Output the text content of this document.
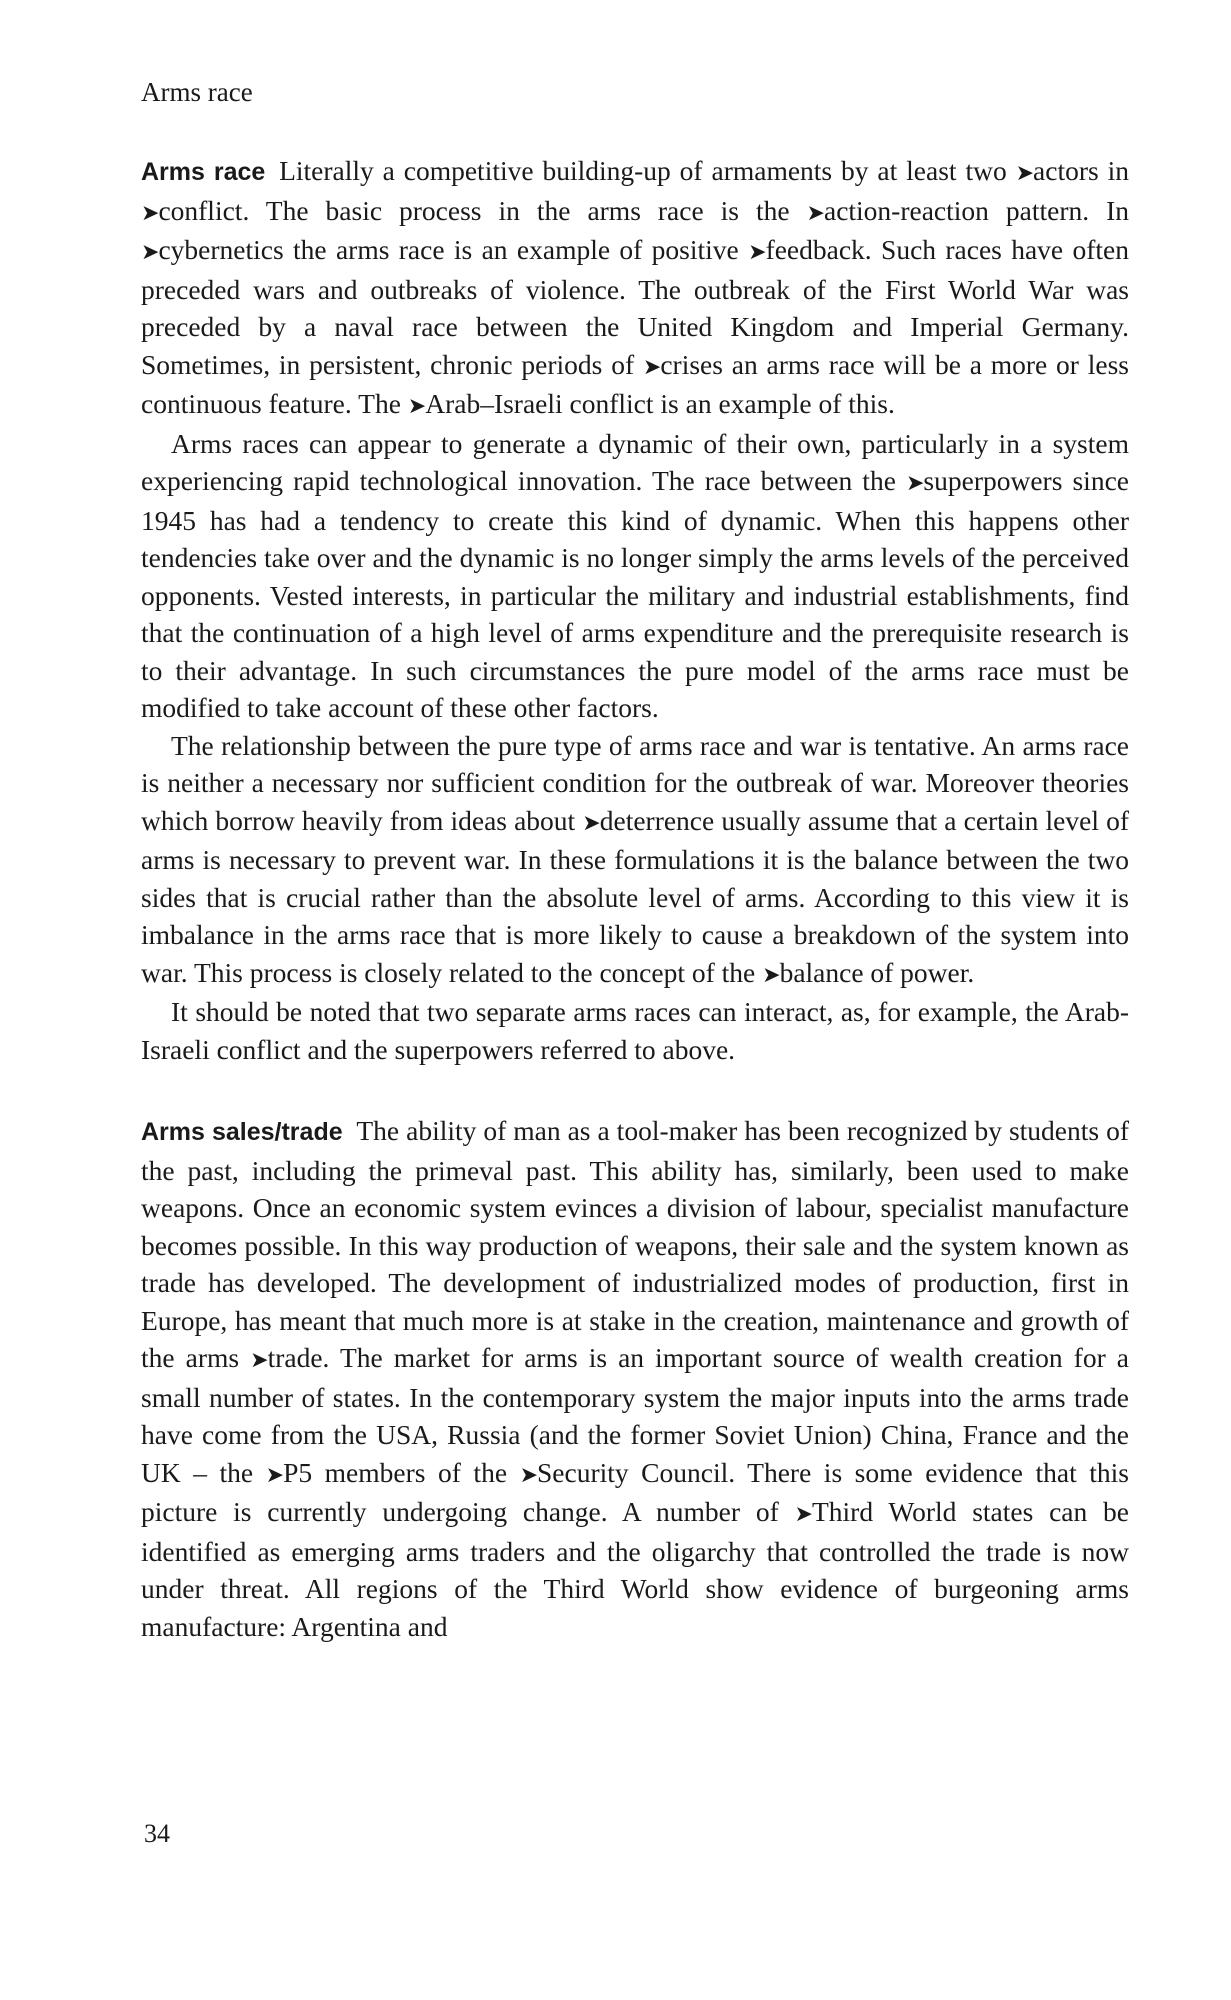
Arms race

Arms race  Literally a competitive building-up of armaments by at least two ➤actors in ➤conflict. The basic process in the arms race is the ➤action-reaction pattern. In ➤cybernetics the arms race is an example of positive ➤feedback. Such races have often preceded wars and outbreaks of violence. The outbreak of the First World War was preceded by a naval race between the United Kingdom and Imperial Germany. Sometimes, in persistent, chronic periods of ➤crises an arms race will be a more or less continuous feature. The ➤Arab–Israeli conflict is an example of this.

Arms races can appear to generate a dynamic of their own, particularly in a system experiencing rapid technological innovation. The race between the ➤superpowers since 1945 has had a tendency to create this kind of dynamic. When this happens other tendencies take over and the dynamic is no longer simply the arms levels of the perceived opponents. Vested interests, in particular the military and industrial establishments, find that the continuation of a high level of arms expenditure and the prerequisite research is to their advantage. In such circumstances the pure model of the arms race must be modified to take account of these other factors.

The relationship between the pure type of arms race and war is tentative. An arms race is neither a necessary nor sufficient condition for the outbreak of war. Moreover theories which borrow heavily from ideas about ➤deterrence usually assume that a certain level of arms is necessary to prevent war. In these formulations it is the balance between the two sides that is crucial rather than the absolute level of arms. According to this view it is imbalance in the arms race that is more likely to cause a breakdown of the system into war. This process is closely related to the concept of the ➤balance of power.

It should be noted that two separate arms races can interact, as, for example, the Arab-Israeli conflict and the superpowers referred to above.

Arms sales/trade  The ability of man as a tool-maker has been recognized by students of the past, including the primeval past. This ability has, similarly, been used to make weapons. Once an economic system evinces a division of labour, specialist manufacture becomes possible. In this way production of weapons, their sale and the system known as trade has developed. The development of industrialized modes of production, first in Europe, has meant that much more is at stake in the creation, maintenance and growth of the arms ➤trade. The market for arms is an important source of wealth creation for a small number of states. In the contemporary system the major inputs into the arms trade have come from the USA, Russia (and the former Soviet Union) China, France and the UK – the ➤P5 members of the ➤Security Council. There is some evidence that this picture is currently undergoing change. A number of ➤Third World states can be identified as emerging arms traders and the oligarchy that controlled the trade is now under threat. All regions of the Third World show evidence of burgeoning arms manufacture: Argentina and

34
